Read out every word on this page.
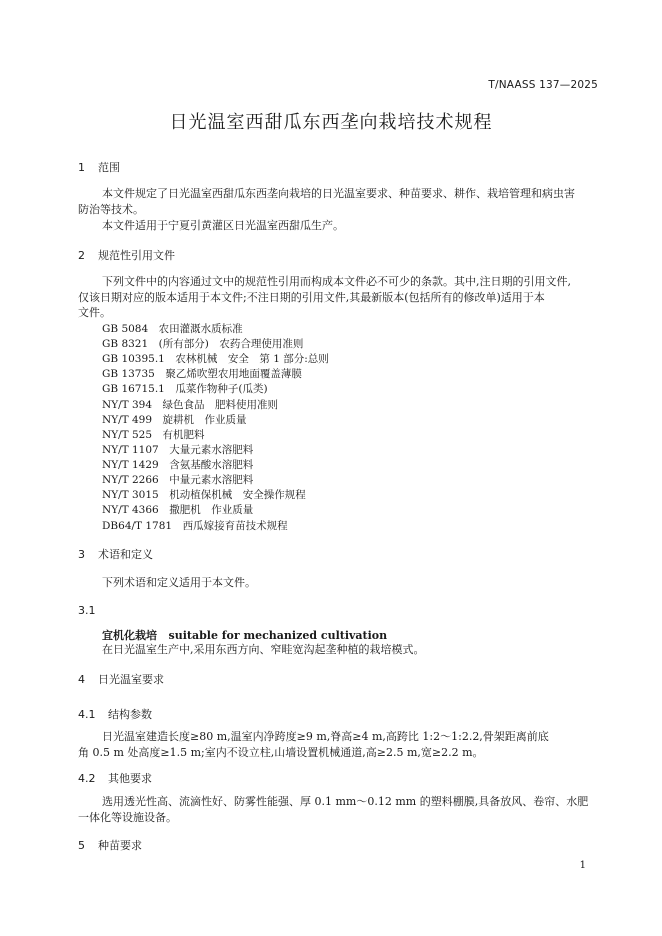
T/NAASS 137—2025
日光温室西甜瓜东西垄向栽培技术规程
1 范围
本文件规定了日光温室西甜瓜东西垄向栽培的日光温室要求、种苗要求、耕作、栽培管理和病虫害
防治等技术。
本文件适用于宁夏引黄灌区日光温室西甜瓜生产。
2 规范性引用文件
下列文件中的内容通过文中的规范性引用而构成本文件必不可少的条款。其中,注日期的引用文件,
仅该日期对应的版本适用于本文件;不注日期的引用文件,其最新版本(包括所有的修改单)适用于本
文件。
GB 5084　农田灌溉水质标准
GB 8321　(所有部分)　农药合理使用准则
GB 10395.1　农林机械　安全　第 1 部分:总则
GB 13735　聚乙烯吹塑农用地面覆盖薄膜
GB 16715.1　瓜菜作物种子(瓜类)
NY/T 394　绿色食品　肥料使用准则
NY/T 499　旋耕机　作业质量
NY/T 525　有机肥料
NY/T 1107　大量元素水溶肥料
NY/T 1429　含氨基酸水溶肥料
NY/T 2266　中量元素水溶肥料
NY/T 3015　机动植保机械　安全操作规程
NY/T 4366　撒肥机　作业质量
DB64/T 1781　西瓜嫁接育苗技术规程
3 术语和定义
下列术语和定义适用于本文件。
3.1
宜机化栽培 suitable for mechanized cultivation
在日光温室生产中,采用东西方向、窄畦宽沟起垄种植的栽培模式。
4 日光温室要求
4.1 结构参数
日光温室建造长度≥80 m,温室内净跨度≥9 m,脊高≥4 m,高跨比 1:2～1:2.2,骨架距离前底
角 0.5 m 处高度≥1.5 m;室内不设立柱,山墙设置机械通道,高≥2.5 m,宽≥2.2 m。
4.2 其他要求
选用透光性高、流滴性好、防雾性能强、厚 0.1 mm～0.12 mm 的塑料棚膜,具备放风、卷帘、水肥
一体化等设施设备。
5 种苗要求
1
